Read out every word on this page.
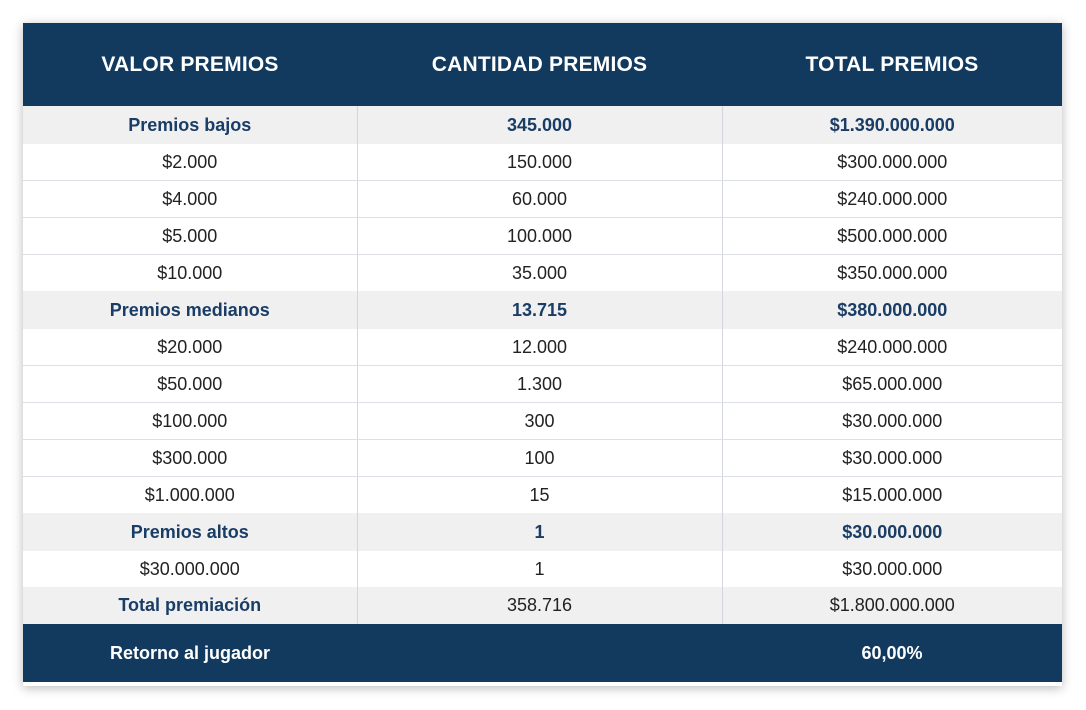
VALOR PREMIOS	CANTIDAD PREMIOS	TOTAL PREMIOS
Premios bajos	345.000	$1.390.000.000
$2.000	150.000	$300.000.000
$4.000	60.000	$240.000.000
$5.000	100.000	$500.000.000
$10.000	35.000	$350.000.000
Premios medianos	13.715	$380.000.000
$20.000	12.000	$240.000.000
$50.000	1.300	$65.000.000
$100.000	300	$30.000.000
$300.000	100	$30.000.000
$1.000.000	15	$15.000.000
Premios altos	1	$30.000.000
$30.000.000	1	$30.000.000
Total premiación	358.716	$1.800.000.000
Retorno al jugador		60,00%
